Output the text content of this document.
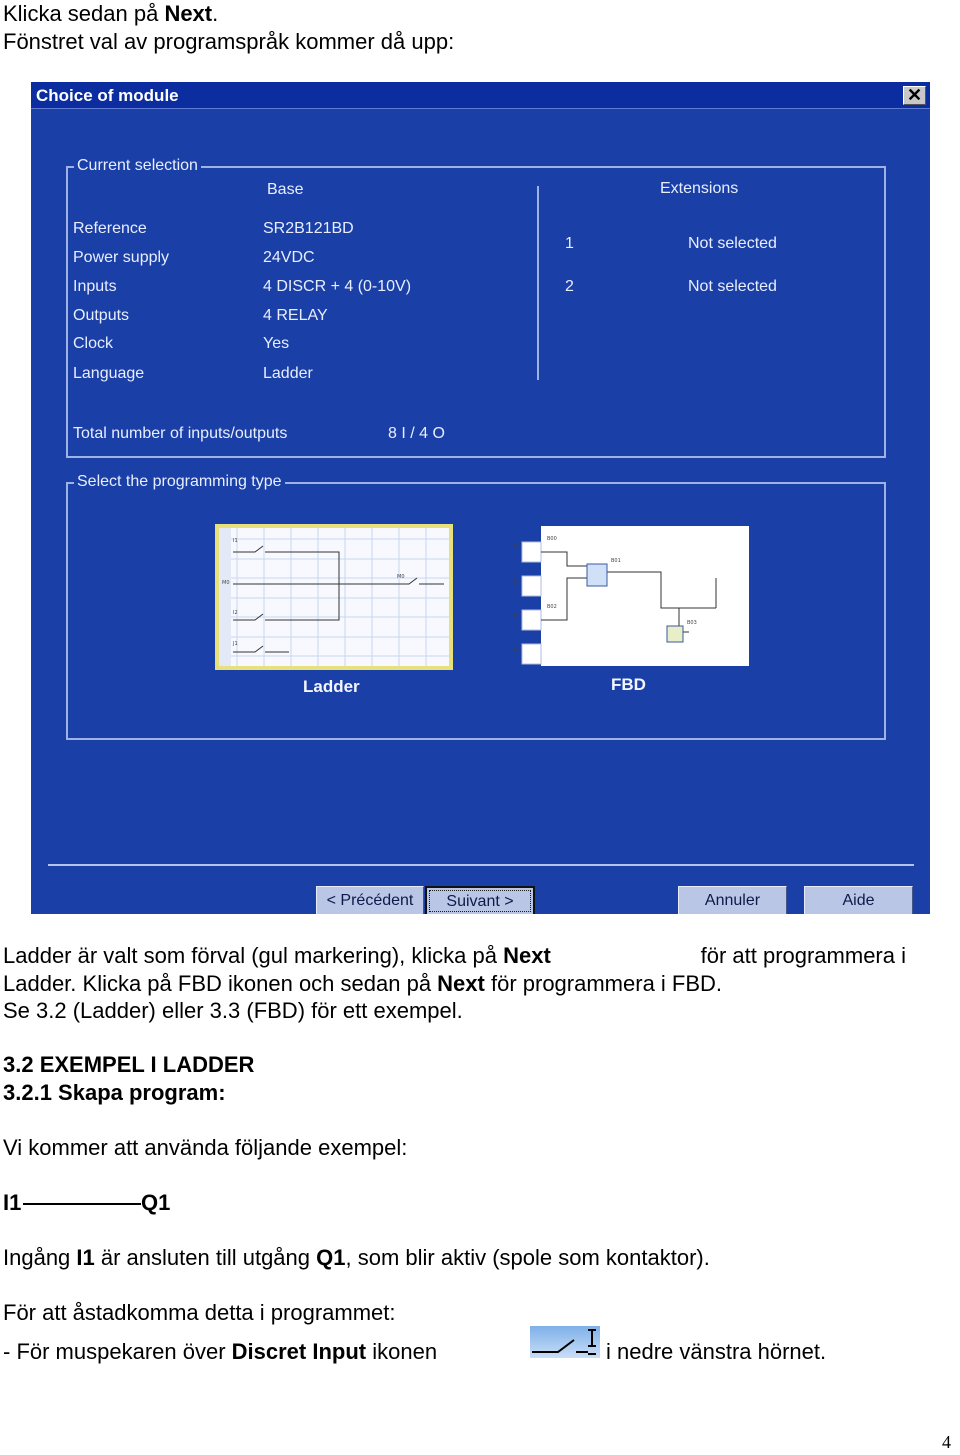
Klicka sedan på Next.
Fönstret val av programspråk kommer då upp:
Choice of module	✕
Current selection
Base	Extensions
Reference	SR2B121BD
Power supply	24VDC
Inputs	4 DISCR + 4 (0-10V)
Outputs	4 RELAY
Clock	Yes
Language	Ladder
1	Not selected
2	Not selected
Total number of inputs/outputs	8 I / 4 O
Select the programming type
I1
M0
I2
J1
M0
Ladder
B00
B01
B02
B03
I1
I2
I3
I4
FBD
< Précédent	Suivant >	Annuler	Aide
Ladder är valt som förval (gul markering), klicka på Next	för att programmera i
Ladder. Klicka på FBD ikonen och sedan på Next för programmera i FBD.
Se 3.2 (Ladder) eller 3.3 (FBD) för ett exempel.
3.2 EXEMPEL I LADDER
3.2.1 Skapa program:
Vi kommer att använda följande exempel:
I1	Q1
Ingång I1 är ansluten till utgång Q1, som blir aktiv (spole som kontaktor).
För att åstadkomma detta i programmet:
- För muspekaren över Discret Input ikonen	i nedre vänstra hörnet.
4
